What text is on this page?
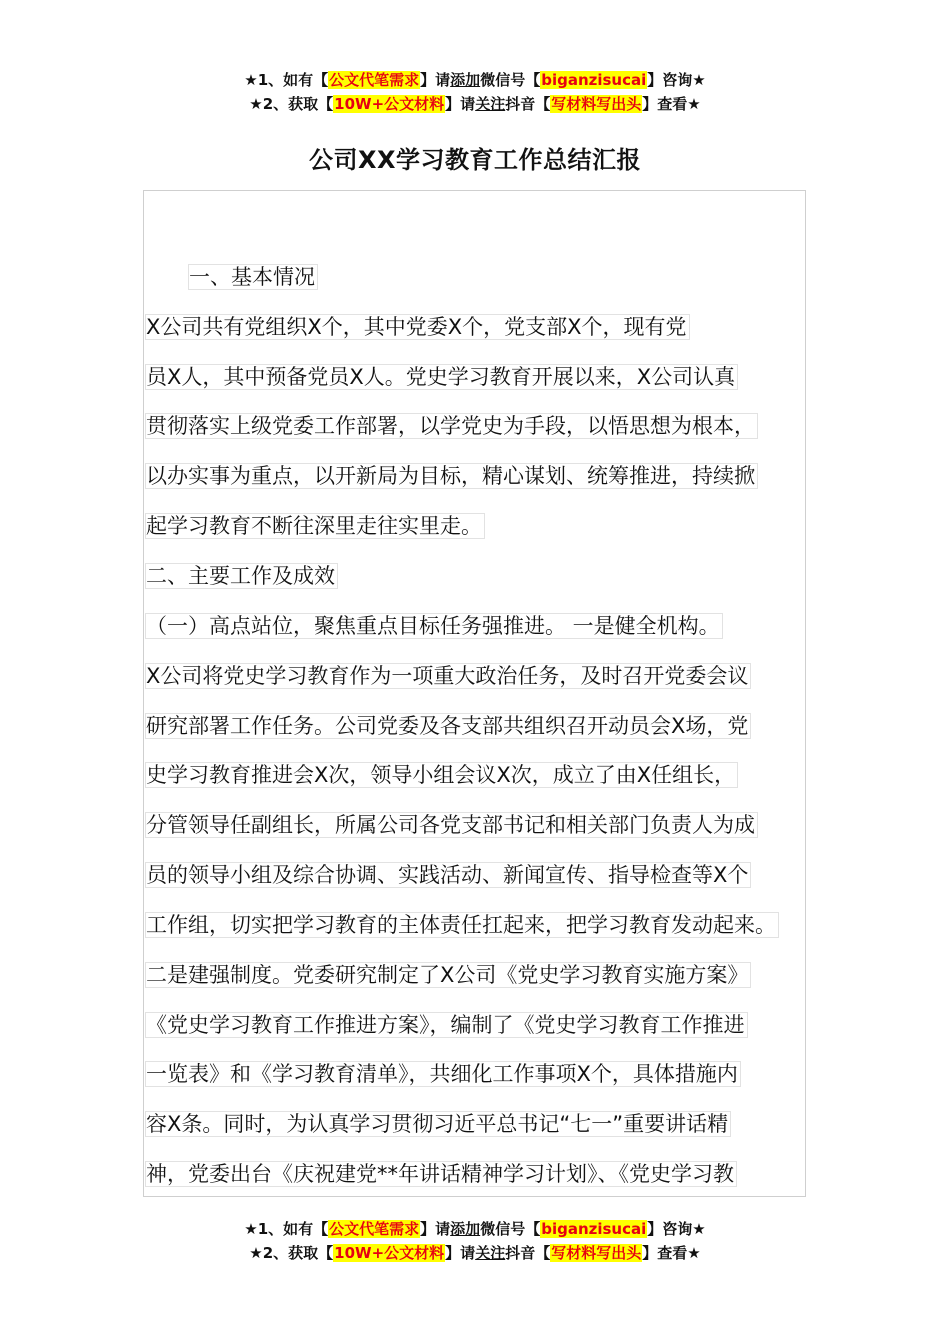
★1、如有【公文代笔需求】请添加微信号【biganzisucai】咨询★
★2、获取【10W+公文材料】请关注抖音【写材料写出头】查看★
公司XX学习教育工作总结汇报
一、基本情况
X公司共有党组织X个，其中党委X个，党支部X个，现有党
员X人，其中预备党员X人。党史学习教育开展以来，X公司认真
贯彻落实上级党委工作部署，以学党史为手段，以悟思想为根本，
以办实事为重点，以开新局为目标，精心谋划、统筹推进，持续掀
起学习教育不断往深里走往实里走。
二、主要工作及成效
（一）高点站位，聚焦重点目标任务强推进。 一是健全机构。
X公司将党史学习教育作为一项重大政治任务，及时召开党委会议
研究部署工作任务。公司党委及各支部共组织召开动员会X场，党
史学习教育推进会X次，领导小组会议X次，成立了由X任组长，
分管领导任副组长，所属公司各党支部书记和相关部门负责人为成
员的领导小组及综合协调、实践活动、新闻宣传、指导检查等X个
工作组，切实把学习教育的主体责任扛起来，把学习教育发动起来。
二是建强制度。党委研究制定了X公司《党史学习教育实施方案》
《党史学习教育工作推进方案》，编制了《党史学习教育工作推进
一览表》和《学习教育清单》，共细化工作事项X个，具体措施内
容X条。同时，为认真学习贯彻习近平总书记“七一”重要讲话精
神，党委出台《庆祝建党**年讲话精神学习计划》、《党史学习教
★1、如有【公文代笔需求】请添加微信号【biganzisucai】咨询★
★2、获取【10W+公文材料】请关注抖音【写材料写出头】查看★
